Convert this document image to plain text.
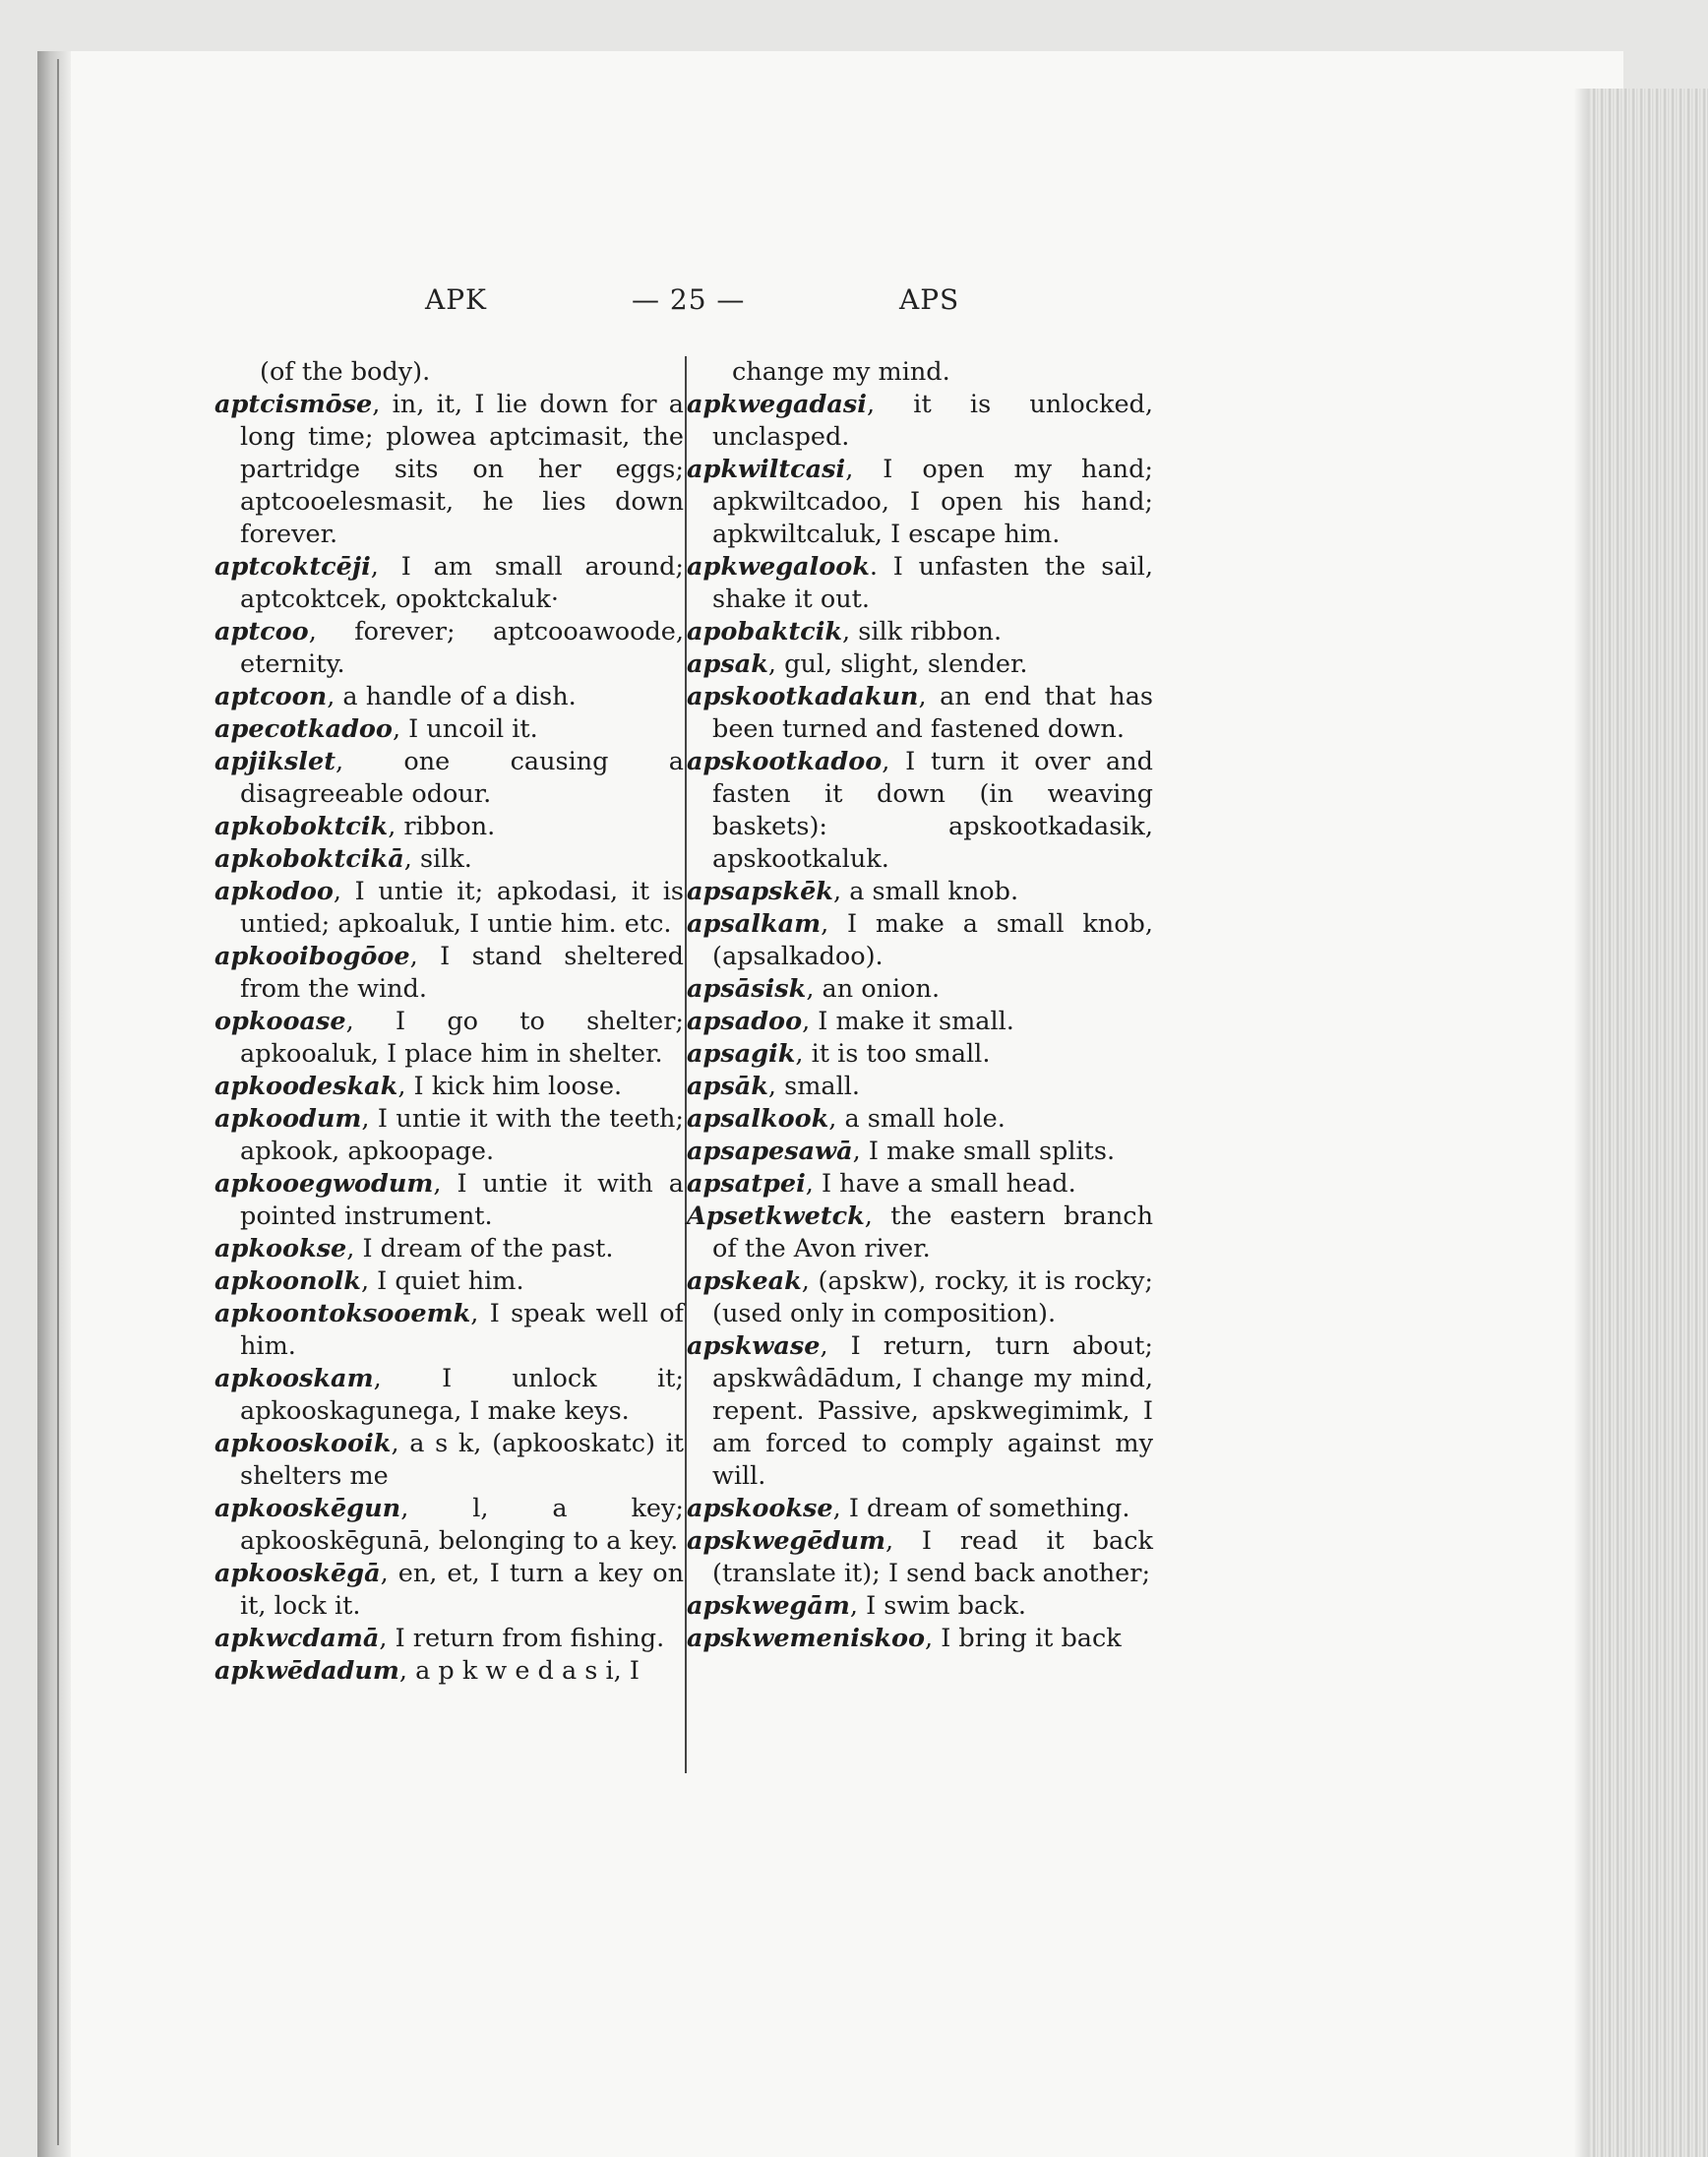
APK	— 25 —	APS
(of the body).
aptcismōse, in, it, I lie down for a long time; plowea aptcimasit, the partridge sits on her eggs; aptcooelesmasit, he lies down forever.
aptcoktcēji, I am small around; aptcoktcek, opoktckaluk·
aptcoo, forever; aptcooawoode, eternity.
aptcoon, a handle of a dish.
apecotkadoo, I uncoil it.
apjikslet, one causing a disagreeable odour.
apkoboktcik, ribbon.
apkoboktcikā, silk.
apkodoo, I untie it; apkodasi, it is untied; apkoaluk, I untie him. etc.
apkooibogōoe, I stand sheltered from the wind.
opkooase, I go to shelter; apkooaluk, I place him in shelter.
apkoodeskak, I kick him loose.
apkoodum, I untie it with the teeth; apkook, apkoopage.
apkooegwodum, I untie it with a pointed instrument.
apkookse, I dream of the past.
apkoonolk, I quiet him.
apkoontoksooemk, I speak well of him.
apkooskam, I unlock it; apkooskagunega, I make keys.
apkooskooik, a s k, (apkooskatc) it shelters me
apkooskēgun, l, a key; apkooskēgunā, belonging to a key.
apkooskēgā, en, et, I turn a key on it, lock it.
apkwcdamā, I return from fishing.
apkwēdadum, a p k w e d a s i, I
change my mind.
apkwegadasi, it is unlocked, unclasped.
apkwiltcasi, I open my hand; apkwiltcadoo, I open his hand; apkwiltcaluk, I escape him.
apkwegalook. I unfasten the sail, shake it out.
apobaktcik, silk ribbon.
apsak, gul, slight, slender.
apskootkadakun, an end that has been turned and fastened down.
apskootkadoo, I turn it over and fasten it down (in weaving baskets): apskootkadasik, apskootkaluk.
apsapskēk, a small knob.
apsalkam, I make a small knob, (apsalkadoo).
apsāsisk, an onion.
apsadoo, I make it small.
apsagik, it is too small.
apsāk, small.
apsalkook, a small hole.
apsapesawā, I make small splits.
apsatpei, I have a small head.
Apsetkwetck, the eastern branch of the Avon river.
apskeak, (apskw), rocky, it is rocky; (used only in composition).
apskwase, I return, turn about; apskwâdādum, I change my mind, repent. Passive, apskwegimimk, I am forced to comply against my will.
apskookse, I dream of something.
apskwegēdum, I read it back (translate it); I send back another;
apskwegām, I swim back.
apskwemeniskoo, I bring it back
